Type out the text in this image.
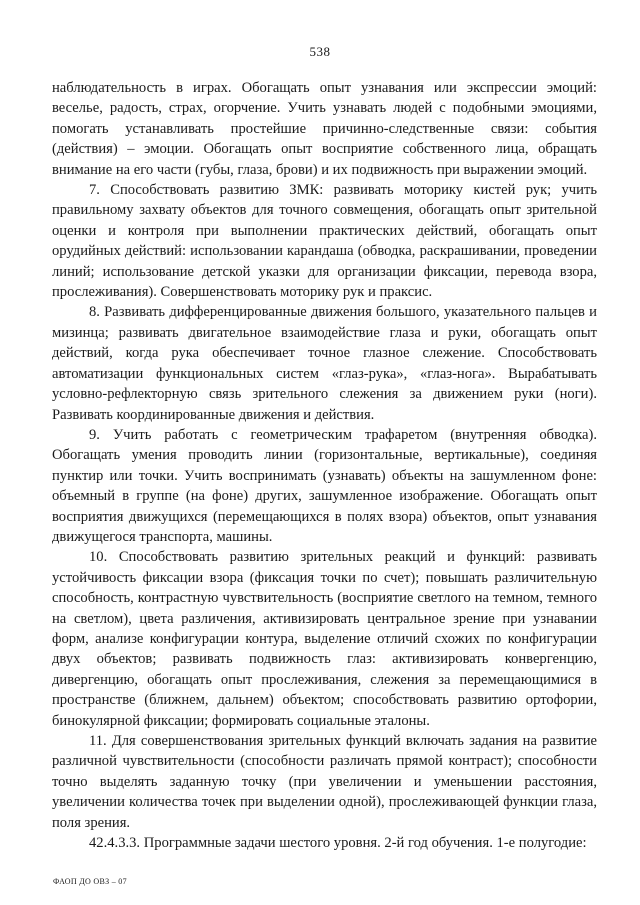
538

наблюдательность в играх. Обогащать опыт узнавания или экспрессии эмоций: веселье, радость, страх, огорчение. Учить узнавать людей с подобными эмоциями, помогать устанавливать простейшие причинно-следственные связи: события (действия) – эмоции. Обогащать опыт восприятие собственного лица, обращать внимание на его части (губы, глаза, брови) и их подвижность при выражении эмоций.

7. Способствовать развитию ЗМК: развивать моторику кистей рук; учить правильному захвату объектов для точного совмещения, обогащать опыт зрительной оценки и контроля при выполнении практических действий, обогащать опыт орудийных действий: использовании карандаша (обводка, раскрашивании, проведении линий; использование детской указки для организации фиксации, перевода взора, прослеживания). Совершенствовать моторику рук и праксис.

8. Развивать дифференцированные движения большого, указательного пальцев и мизинца; развивать двигательное взаимодействие глаза и руки, обогащать опыт действий, когда рука обеспечивает точное глазное слежение. Способствовать автоматизации функциональных систем «глаз-рука», «глаз-нога». Вырабатывать условно-рефлекторную связь зрительного слежения за движением руки (ноги). Развивать координированные движения и действия.

9. Учить работать с геометрическим трафаретом (внутренняя обводка). Обогащать умения проводить линии (горизонтальные, вертикальные), соединяя пунктир или точки. Учить воспринимать (узнавать) объекты на зашумленном фоне: объемный в группе (на фоне) других, зашумленное изображение. Обогащать опыт восприятия движущихся (перемещающихся в полях взора) объектов, опыт узнавания движущегося транспорта, машины.

10. Способствовать развитию зрительных реакций и функций: развивать устойчивость фиксации взора (фиксация точки по счет); повышать различительную способность, контрастную чувствительность (восприятие светлого на темном, темного на светлом), цвета различения, активизировать центральное зрение при узнавании форм, анализе конфигурации контура, выделение отличий схожих по конфигурации двух объектов; развивать подвижность глаз: активизировать конвергенцию, дивергенцию, обогащать опыт прослеживания, слежения за перемещающимися в пространстве (ближнем, дальнем) объектом; способствовать развитию ортофории, бинокулярной фиксации; формировать социальные эталоны.

11. Для совершенствования зрительных функций включать задания на развитие различной чувствительности (способности различать прямой контраст); способности точно выделять заданную точку (при увеличении и уменьшении расстояния, увеличении количества точек при выделении одной), прослеживающей функции глаза, поля зрения.

42.4.3.3. Программные задачи шестого уровня. 2-й год обучения. 1-е полугодие:

ФАОП ДО ОВЗ – 07
